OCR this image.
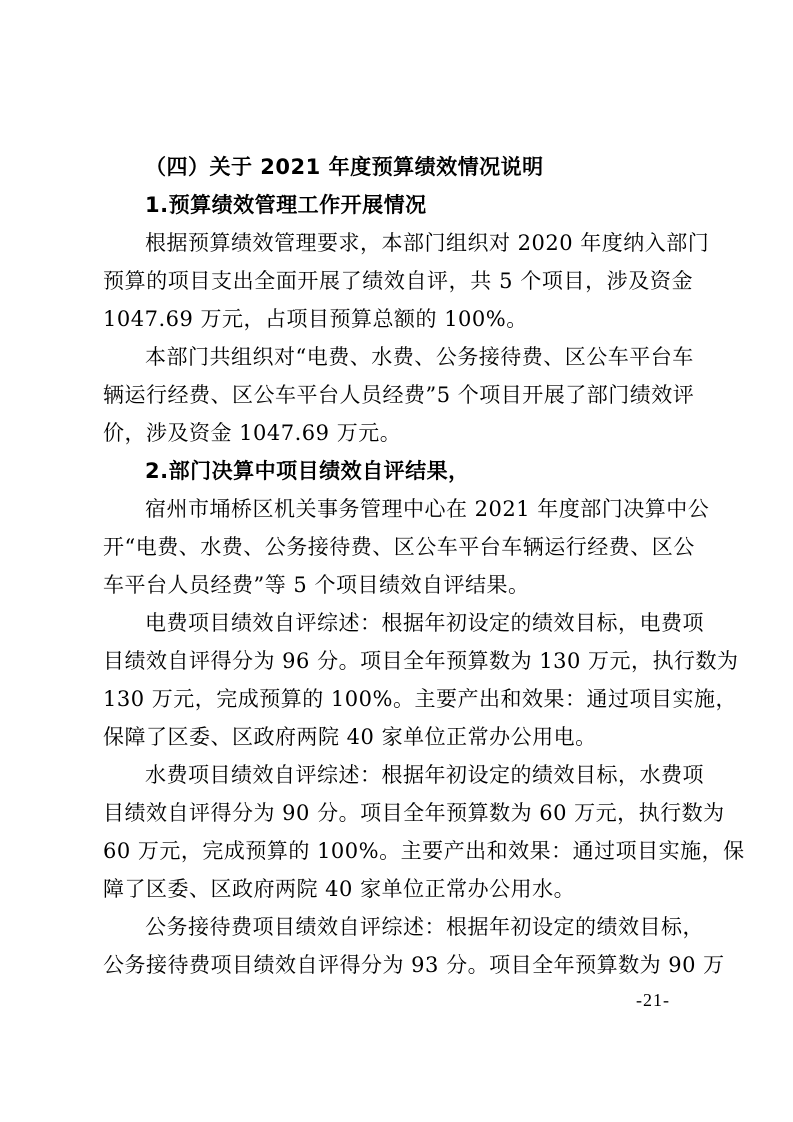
（四）关于 2021 年度预算绩效情况说明
1.预算绩效管理工作开展情况
根据预算绩效管理要求，本部门组织对 2020 年度纳入部门
预算的项目支出全面开展了绩效自评，共 5 个项目，涉及资金
1047.69 万元，占项目预算总额的 100%。
本部门共组织对“电费、水费、公务接待费、区公车平台车
辆运行经费、区公车平台人员经费”5 个项目开展了部门绩效评
价，涉及资金 1047.69 万元。
2.部门决算中项目绩效自评结果，
宿州市埇桥区机关事务管理中心在 2021 年度部门决算中公
开“电费、水费、公务接待费、区公车平台车辆运行经费、区公
车平台人员经费”等 5 个项目绩效自评结果。
电费项目绩效自评综述：根据年初设定的绩效目标，电费项
目绩效自评得分为 96 分。项目全年预算数为 130 万元，执行数为
130 万元，完成预算的 100%。主要产出和效果：通过项目实施，
保障了区委、区政府两院 40 家单位正常办公用电。
水费项目绩效自评综述：根据年初设定的绩效目标，水费项
目绩效自评得分为 90 分。项目全年预算数为 60 万元，执行数为
60 万元，完成预算的 100%。主要产出和效果：通过项目实施，保
障了区委、区政府两院 40 家单位正常办公用水。
公务接待费项目绩效自评综述：根据年初设定的绩效目标，
公务接待费项目绩效自评得分为 93 分。项目全年预算数为 90 万
-21-
